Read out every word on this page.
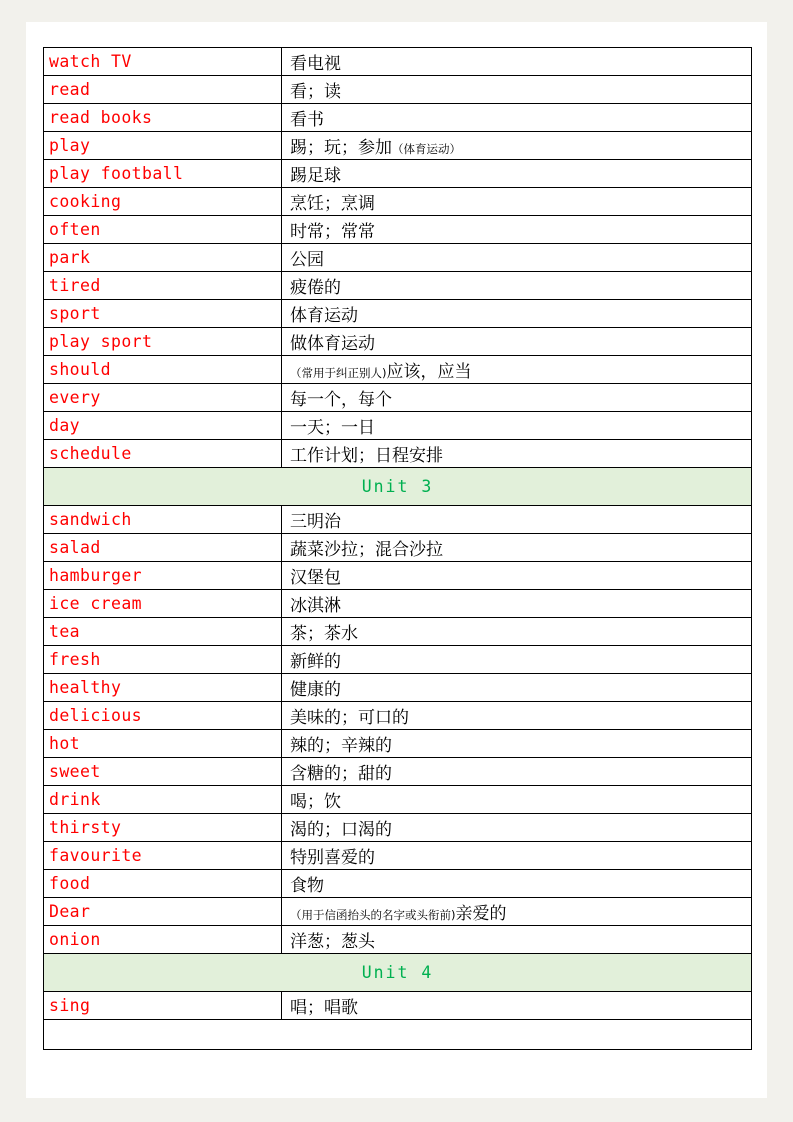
watch TV	看电视
read	看；读
read books	看书
play	踢；玩；参加（体育运动）
play football	踢足球
cooking	烹饪；烹调
often	时常；常常
park	公园
tired	疲倦的
sport	体育运动
play sport	做体育运动
should	（常用于纠正别人)应该，应当
every	每一个，每个
day	一天；一日
schedule	工作计划；日程安排
Unit 3	
sandwich	三明治
salad	蔬菜沙拉；混合沙拉
hamburger	汉堡包
ice cream	冰淇淋
tea	茶；茶水
fresh	新鲜的
healthy	健康的
delicious	美味的；可口的
hot	辣的；辛辣的
sweet	含糖的；甜的
drink	喝；饮
thirsty	渴的；口渴的
favourite	特别喜爱的
food	食物
Dear	（用于信函抬头的名字或头衔前)亲爱的
onion	洋葱；葱头
Unit 4	
sing	唱；唱歌
